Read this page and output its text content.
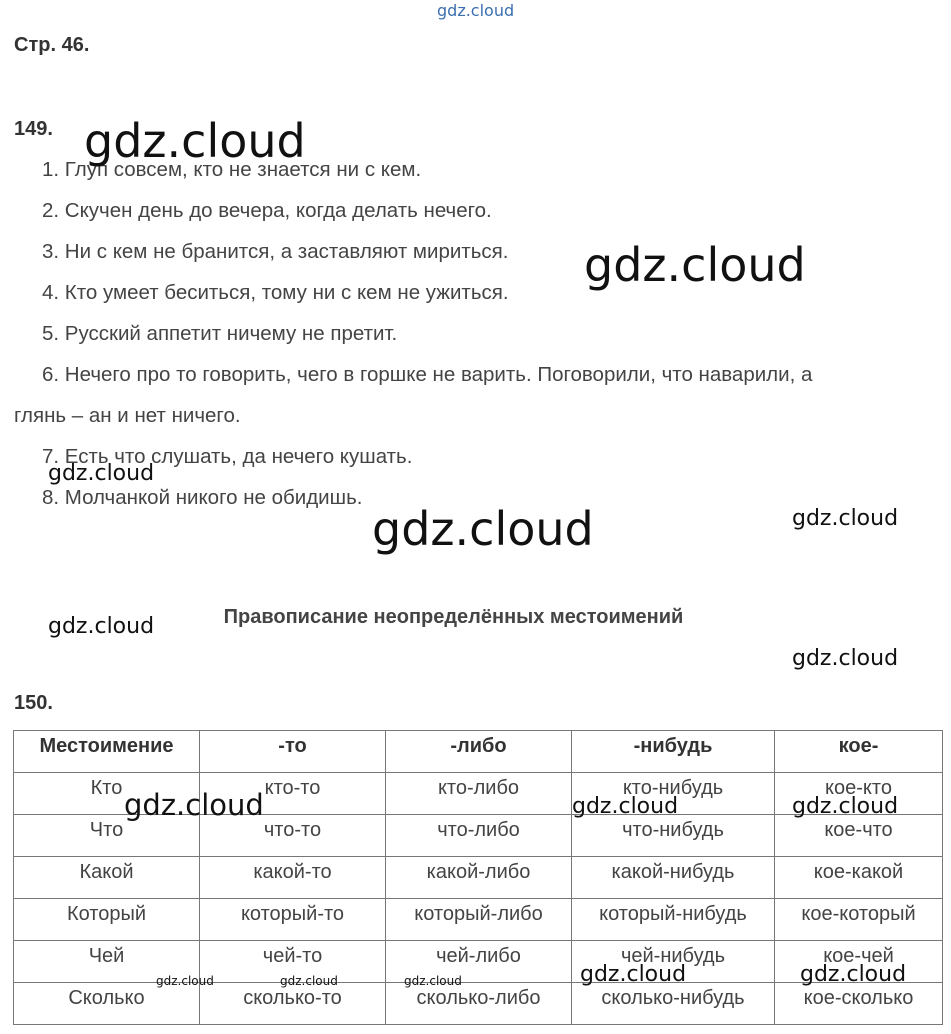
gdz.cloud
Стр. 46.
149.
1. Глуп совсем, кто не знается ни с кем.
2. Скучен день до вечера, когда делать нечего.
3. Ни с кем не бранится, а заставляют мириться.
4. Кто умеет беситься, тому ни с кем не ужиться.
5. Русский аппетит ничему не претит.
6. Нечего про то говорить, чего в горшке не варить. Поговорили, что наварили, а
глянь – ан и нет ничего.
7. Есть что слушать, да нечего кушать.
8. Молчанкой никого не обидишь.
Правописание неопределённых местоимений
150.
Местоимение	-то	-либо	-нибудь	кое-
Кто	кто-то	кто-либо	кто-нибудь	кое-кто
Что	что-то	что-либо	что-нибудь	кое-что
Какой	какой-то	какой-либо	какой-нибудь	кое-какой
Который	который-то	который-либо	который-нибудь	кое-который
Чей	чей-то	чей-либо	чей-нибудь	кое-чей
Сколько	сколько-то	сколько-либо	сколько-нибудь	кое-сколько
gdz.cloud
gdz.cloud
gdz.cloud
gdz.cloud	gdz.cloud
gdz.cloud
gdz.cloud
gdz.cloud	gdz.cloud	gdz.cloud
gdz.cloud	gdz.cloud	gdz.cloud	gdz.cloud	gdz.cloud
